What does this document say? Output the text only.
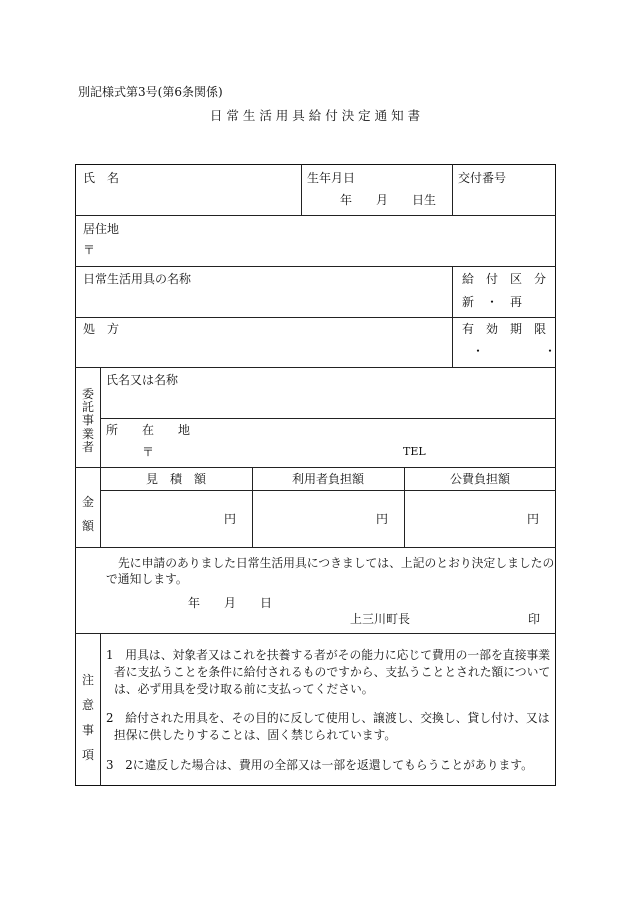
別記様式第3号(第6条関係)
日 常 生 活 用 具 給 付 決 定 通 知 書
氏　名	生年月日
年　　月　　日生
交付番号
居住地
〒
日常生活用具の名称	給　付　区　分
新　・　再
処　方	有　効　期　限
・　　　　　・
委託事業者
氏名又は名称
所　　在　　地
〒	TEL
金額
見　積　額	利用者負担額	公費負担額
円	円	円
先に申請のありました日常生活用具につきましては、上記のとおり決定しましたの
で通知します。
年　　月　　日
上三川町長	印
注意事項
1　用具は、対象者又はこれを扶養する者がその能力に応じて費用の一部を直接事業
者に支払うことを条件に給付されるものですから、支払うこととされた額について
は、必ず用具を受け取る前に支払ってください。
2　給付された用具を、その目的に反して使用し、譲渡し、交換し、貸し付け、又は
担保に供したりすることは、固く禁じられています。
3　2に違反した場合は、費用の全部又は一部を返還してもらうことがあります。
